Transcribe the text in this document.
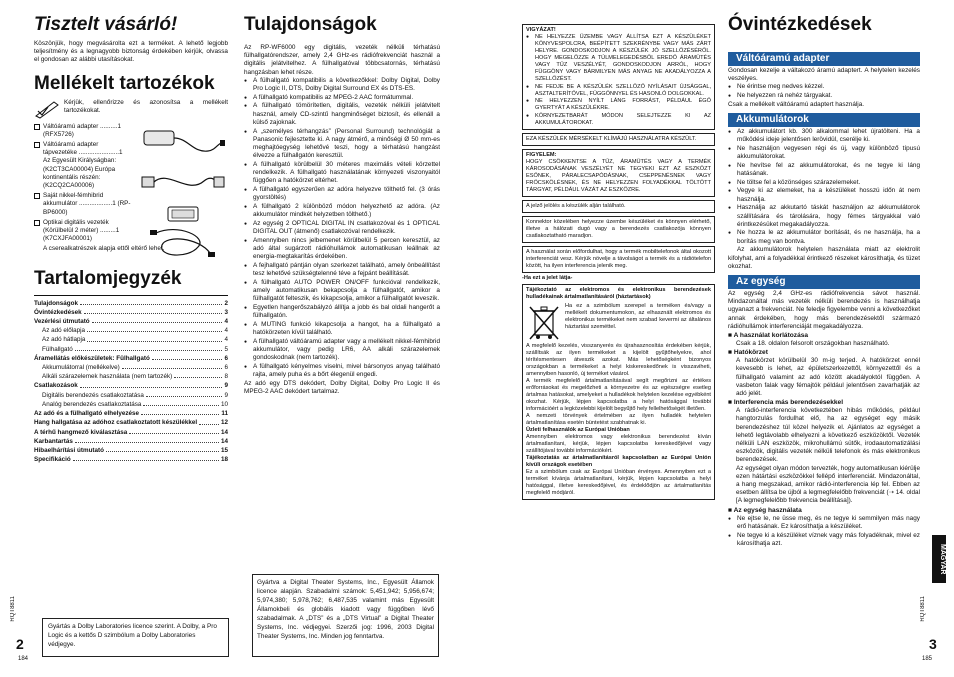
Tisztelt vásárló!
Köszönjük, hogy megvásárolta ezt a terméket. A lehető legjobb teljesítmény és a legnagyobb biztonság érdekében kérjük, olvassa el gondosan az alábbi utasításokat.
Mellékelt tartozékok
Kérjük, ellenőrizze és azonosítsa a mellékelt tartozékokat.
Váltóáramú adapter ..........1 (RFX5726)
Váltóáramú adapter tápvezetéke .......................1 Az Egyesült Királyságban: (K2CT3CA00004) Európa kontinentális részén: (K2CQ2CA00006)
Saját nikkel-fémhibrid akkumulátor ...................1 (RP-BP6000)
Optikai digitális vezeték (Körülbelül 2 méter) .........1 (K7CXJFA00001)
A cserealkatrészek alapja ettől eltérő lehet.
Tartalomjegyzék
Tulajdonságok	2
Óvintézkedések	3
Vezérlési útmutató	4
Az adó előlapja	4
Az adó hátlapja	4
Fülhallgató	5
Áramellátás előkészületek: Fülhallgató	6
Akkumulátorral (mellékelve)	6
Alkáli szárazelemek használata (nem tartozék)	8
Csatlakozások	9
Digitális berendezés csatlakoztatása	9
Analóg berendezés csatlakoztatása	10
Az adó és a fülhallgató elhelyezése	11
Hang hallgatása az adóhoz csatlakoztatott készülékkel	12
A térhű hangmező kiválasztása	14
Karbantartás	14
Hibaelhárítási útmutató	15
Specifikáció	18
Gyártás a Dolby Laboratories licence szerint. A Dolby, a Pro Logic és a kettős D szimbólum a Dolby Laboratories védjegye.
2
184
RQT8811
Tulajdonságok
Az RP-WF6000 egy digitális, vezeték nélküli térhatású fülhallgatórendszer, amely 2,4 GHz-es rádiófrekvenciát használ a digitális jelátvitelhez. A fülhallgatóval többcsatornás, térhatású hangzásban lehet része.
● A fülhallgató kompatibilis a következőkkel: Dolby Digital, Dolby Pro Logic II, DTS, Dolby Digital Surround EX és DTS-ES.
● A fülhallgató kompatibilis az MPEG-2 AAC formátummal.
● A fülhallgató tömörítetlen, digitális, vezeték nélküli jelátvitelt használ, amely CD-szintű hangminőséget biztosít, és ellenáll a külső zajoknak.
● A „személyes térhangzás” (Personal Surround) technológiát a Panasonic fejlesztette ki. A nagy átmérő, a minőségi Ø 50 mm-es meghajtóegység lehetővé teszi, hogy a térhatású hangzást élvezze a fülhallgatón keresztül.
● A fülhallgató körülbelül 30 méteres maximális vételi körzettel rendelkezik. A fülhallgató használatának környezeti viszonyaitól függően a hatókörzet eltérhet.
● A fülhallgató egyszerűen az adóra helyezve tölthető fel. (3 órás gyorstöltés)
● A fülhallgató 2 különböző módon helyezhető az adóra. (Az akkumulátor mindkét helyzetben tölthető.)
● Az egység 2 OPTICAL DIGITAL IN csatlakozóval és 1 OPTICAL DIGITAL OUT (átmenő) csatlakozóval rendelkezik.
● Amennyiben nincs jelbemenet körülbelül 5 percen keresztül, az adó által sugárzott rádióhullámok automatikusan leállnak az energia-megtakarítás érdekében.
● A fejhallgató pántján olyan szerkezet található, amely önbeállítást tesz lehetővé szükségtelenné téve a fejpánt beállítását.
● A fülhallgató AUTO POWER ON/OFF funkcióval rendelkezik, amely automatikusan bekapcsolja a fülhallgatót, amikor a fülhallgatót felteszik, és kikapcsolja, amikor a fülhallgatót leveszik.
● Egyetlen hangerőszabályzó állítja a jobb és bal oldali hangerőt a fülhallgatón.
● A MUTING funkció kikapcsolja a hangot, ha a fülhallgató a hatókörzeten kívül található.
● A fülhallgató váltóáramú adapter vagy a mellékelt nikkel-fémhibrid akkumulátor, vagy pedig LR6, AA alkáli szárazelemek gondoskodnak (nem tartozék).
● A fülhallgató kényelmes viselni, mivel bársonyos anyag található rajta, amely puha és a bőrt élegenül engedi.
Az adó egy DTS dekódert, Dolby Digital, Dolby Pro Logic II és MPEG-2 AAC dekódert tartalmaz.
Gyártva a Digital Theater Systems, Inc., Egyesült Államok licence alapján. Szabadalmi számok: 5,451,942; 5,956,674; 5,974,380; 5,978,762; 6,487,535 valamint más Egyesült Államokbeli és globális kiadott vagy függőben lévő szabadalmak. A „DTS” és a „DTS Virtual” a Digital Theater Systems, Inc. védjegyei. Szerzői jog: 1996, 2003 Digital Theater Systems, Inc. Minden jog fenntartva.
VIGYÁZAT!
● NE HELYEZZE ÜZEMBE VAGY ÁLLÍTSA EZT A KÉSZÜLÉKET KÖNYVESPOLCRA, BEÉPÍTETT SZEKRÉNYBE VAGY MÁS ZÁRT HELYRE. GONDOSKODJON A KÉSZÜLÉK JÓ SZELLŐZÉSÉRŐL. HOGY MEGELŐZZE A TÚLMELEGEDÉSBŐL EREDŐ ÁRAMÜTÉS VAGY TŰZ VESZÉLYÉT, GONDOSKODJON ARRÓL, HOGY FÜGGÖNY VAGY BÁRMILYEN MÁS ANYAG NE AKADÁLYOZZA A SZELLŐZÉST.
● NE FEDJE BE A KÉSZÜLÉK SZELLŐZŐ NYÍLÁSAIT ÚJSÁGGAL, ASZTALTERÍTŐVEL, FÜGGÖNNYEL ÉS HASONLÓ DOLGOKKAL.
● NE HELYEZZEN NYÍLT LÁNG FORRÁST, PÉLDÁUL ÉGŐ GYERTYÁT A KÉSZÜLÉKRE.
● KÖRNYEZETBARÁT MÓDON SELEJTEZZE KI AZ AKKUMULÁTOROKAT.
EZA KÉSZÜLÉK MÉRSÉKELT KLÍMÁJÚ HASZNÁLATRA KÉSZÜLT.
FIGYELEM:
HOGY CSÖKKENTSE A TŰZ, ÁRAMÜTÉS VAGY A TERMÉK KÁROSODÁSÁNAK VESZÉLYÉT NE TEGYEKI EZT AZ ESZKÖZT ESŐNEK, PÁRALECSAPÓDÁSNAK, CSEPPENÉSNEK VAGY FRÖCSKÖLÉSNEK, ÉS NE HELYEZZEN FOLYADÉKKAL TÖLTÖTT TÁRGYAT, PÉLDÁUL VÁZÁT AZ ESZKÖZRE.
A jelző jelölés a készülék alján található.
Konnektor közelében helyezze üzembe készüléket és könnyen elérhető, illetve a hálózati dugó vagy a berendezés csatlakozója könnyen csatlakoztatható maradjon.
A használat során előfordulhat, hogy a termék mobiltelefonok által okozott interferenciát vesz. Kérjük növelje a távolságot a termék és a rádiótelefon között, ha ilyen interferencia jelenik meg.
-Ha ezt a jelet látja-
Tájékoztató az elektromos és elektronikus berendezések hulladékainak ártalmatlanításáról (háztartások)
Ha ez a szimbólum szerepel a terméken és/vagy a mellékelt dokumentumokon, az elhasznált elektromos és elektronikus termékeket nem szabad kevermi az általános háztartási szeméttel.
A megfelelő kezelés, visszanyerés és újrahasznosítás érdekében kérjük, szállítsák az ilyen termékeket a kijelölt gyűjtőhelyekre, ahol térítésmentesen átveszik azokat. Más lehetőségként bizonyos országokban a termékeket a helyi kiskereskedőnek is visszaviheti, amennyiben hasonló, új terméket vásárol.
A termék megfelelő ártalmatlanításával segít megőrizni az értékes erőforrásokat és megelőzheti a környezetre és az egészségre esetleg ártalmas hatásokat, amelyeket a hulladékok helytelen kezelése egyébként okozhat. Kérjük, lépjen kapcsolatba a helyi hatósággal további információért a legközelebbi kijelölt begyűjtő hely fellelhetőségét illetően.
A nemzeti törvények értelmében az ilyen hulladék helytelen ártalmatlanítása esetén büntetést szabhatnak ki.
Üzleti felhasználók az Európai Unióban
Amennyiben elektromos vagy elektronikus berendezést kíván ártalmatlanítani, kérjük, lépjen kapcsolatba kereskedőjével vagy szállítójával további információkért.
Tájékoztatás az ártalmatlanításról kapcsolatban az Európai Unión kívüli országok esetében
Ez a szimbólum csak az Európai Unióban érvényes. Amennyiben ezt a terméket kívánja ártalmatlanítani, kérjük, lépjen kapcsolatba a helyi hatósággal, illetve kereskedőjével, és érdeklődjön az ártalmatlanítás megfelelő módjáról.
Óvintézkedések
Váltóáramú adapter
Gondosan kezelje a váltakozó áramú adaptert. A helytelen kezelés veszélyes.
● Ne érintse meg nedves kézzel.
● Ne helyezzen rá nehéz tárgyakat.
Csak a mellékelt váltóáramú adaptert használja.
Akkumulátorok
● Az akkumulátort kb. 300 alkalommal lehet újratölteni. Ha a működési ideje jelentősen lerövidül, cserélje ki.
● Ne használjon vegyesen régi és új, vagy különböző típusú akkumulátorokat.
● Ne hevítse fel az akkumulátorokat, és ne tegye ki láng hatásának.
● Ne töltse fel a közönséges szárazelemeket.
● Vegye ki az elemeket, ha a készüléket hosszú időn át nem használja.
● Használja az akkutartó táskát használjon az akkumulátorok szállítására és tárolására, hogy fémes tárgyakkal való érintkezésüket megakadályozza.
● Ne hozza le az akkumulátor borítását, és ne használja, ha a borítás meg van bontva.
Az akkumulátorok helytelen használata miatt az elektrolit kifolyhat, ami a folyadékkal érintkező részeket károsíthatja, és tüzet okozhat.
Az egység
Az egység 2,4 GHz-es rádiófrekvencia sávot használ. Mindazonáltal más vezeték nélküli berendezés is használhatja ugyanazt a frekvenciát. Ne feledje figyelembe venni a következőket annak érdekében, hogy más berendezésektől származó rádióhullámok interferenciáját megakadályozza.
■ A használat korlátozása
Csak a 18. oldalon felsorolt országokban használható.
■ Hatókörzet
A hatókörzet körülbelül 30 m-ig terjed. A hatókörzet ennél kevesebb is lehet, az épületszerkezettől, környezettől és a fülhallgató valamint az adó között akadályoktól függően. A vasbeton falak vagy fémajtók például jelentősen zavarhatják az adó jelét.
■ Interferencia más berendezésekkel
A rádió-interferencia következtében hibás működés, például hangtorzulás fordulhat elő, ha az egységet egy másik berendezéshez túl közel helyezik el. Ajánlatos az egységet a lehető legtávolabb elhelyezni a következő eszközöktől. Vezeték nélküli LAN eszközök, mikrohullámú sütők, irodaautomatizálási eszközök, digitális vezeték nélküli telefonok és más elektronikus berendezések.
Az egységet olyan módon tervezték, hogy automatikusan kiérülje ezen hátártási eszközökkel fellépő interferenciát. Mindazonáltal, a hang megszakad, amikor rádió-interferencia lép fel. Ebben az esetben állítsa be újból a legmegfelelőbb frekvenciát (➝ 14. oldal [A legmegfelelőbb frekvencia beállítása]).
■ Az egység használata
● Ne ejtse le, ne üsse meg, és ne tegye ki semmilyen más nagy erő hatásának. Ez károsíthatja a készüléket.
● Ne tegye ki a készüléket víznek vagy más folyadéknak, mivel ez károsíthatja azt.
MAGYAR
3
185
RQT8811
